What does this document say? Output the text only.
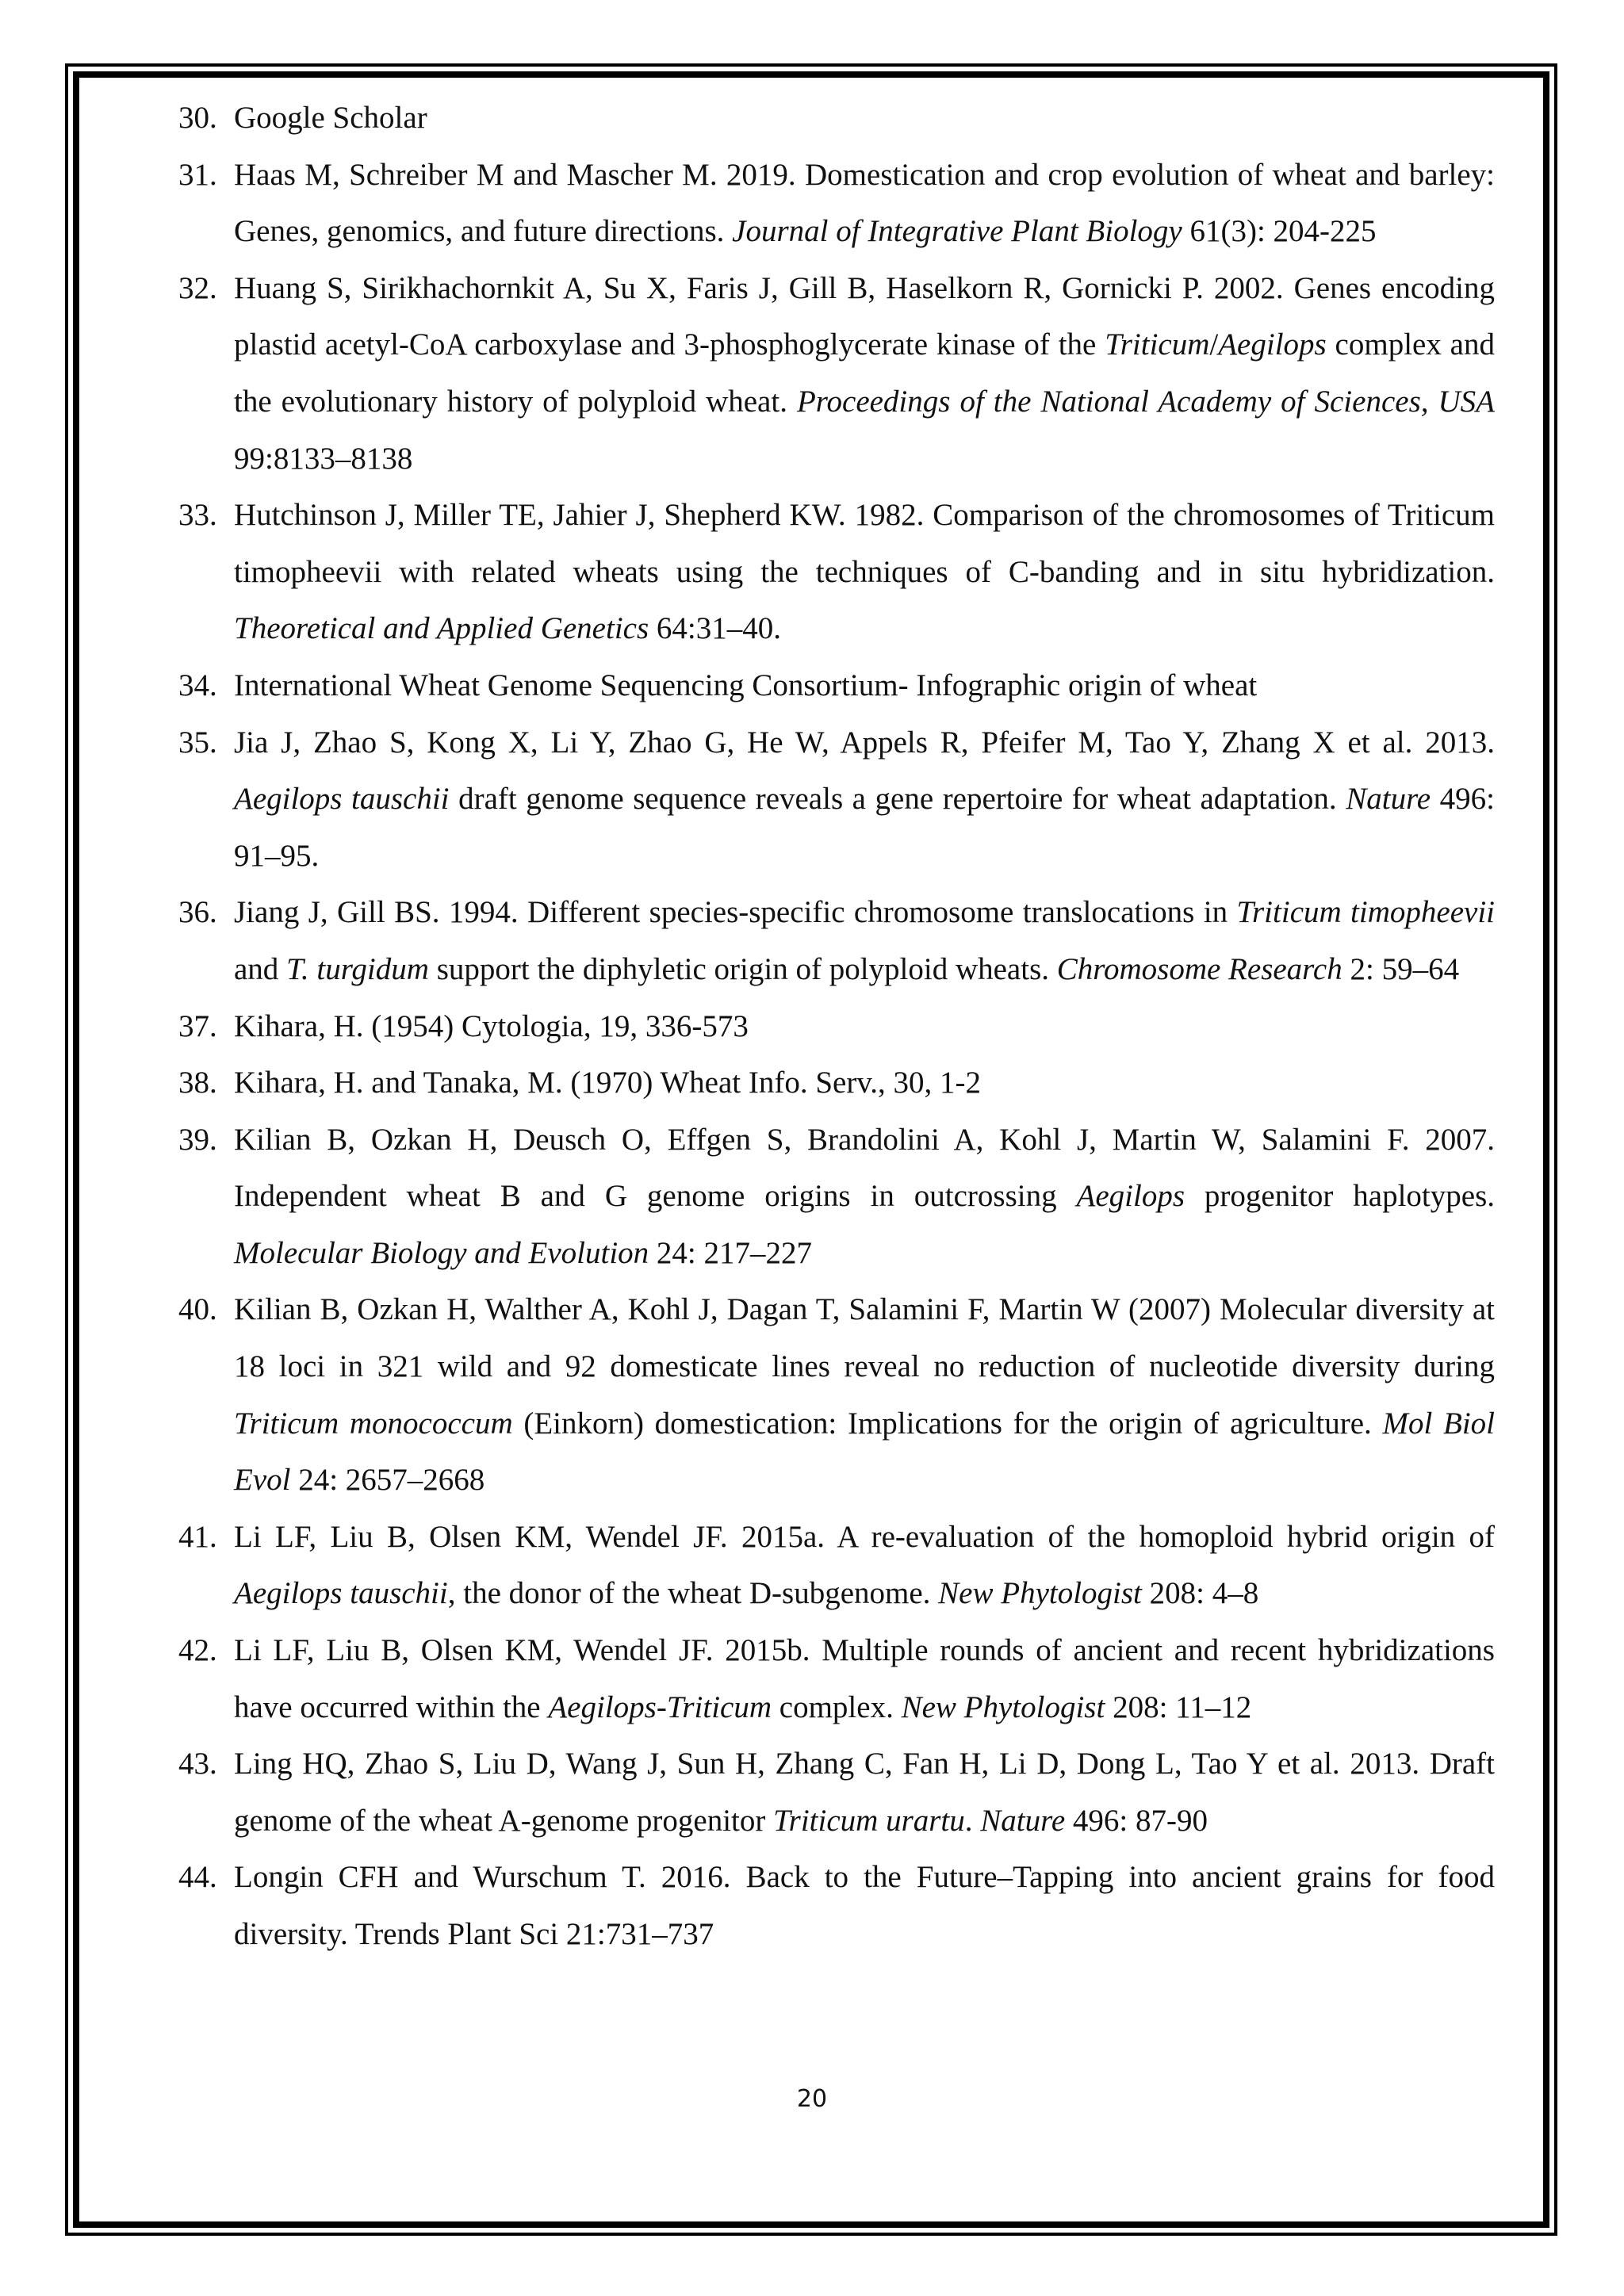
30. Google Scholar
31. Haas M, Schreiber M and Mascher M. 2019. Domestication and crop evolution of wheat and barley: Genes, genomics, and future directions. Journal of Integrative Plant Biology 61(3): 204-225
32. Huang S, Sirikhachornkit A, Su X, Faris J, Gill B, Haselkorn R, Gornicki P. 2002. Genes encoding plastid acetyl-CoA carboxylase and 3-phosphoglycerate kinase of the Triticum/Aegilops complex and the evolutionary history of polyploid wheat. Proceedings of the National Academy of Sciences, USA 99:8133–8138
33. Hutchinson J, Miller TE, Jahier J, Shepherd KW. 1982. Comparison of the chromosomes of Triticum timopheevii with related wheats using the techniques of C-banding and in situ hybridization. Theoretical and Applied Genetics 64:31–40.
34. International Wheat Genome Sequencing Consortium- Infographic origin of wheat
35. Jia J, Zhao S, Kong X, Li Y, Zhao G, He W, Appels R, Pfeifer M, Tao Y, Zhang X et al. 2013. Aegilops tauschii draft genome sequence reveals a gene repertoire for wheat adaptation. Nature 496: 91–95.
36. Jiang J, Gill BS. 1994. Different species-specific chromosome translocations in Triticum timopheevii and T. turgidum support the diphyletic origin of polyploid wheats. Chromosome Research 2: 59–64
37. Kihara, H. (1954) Cytologia, 19, 336-573
38. Kihara, H. and Tanaka, M. (1970) Wheat Info. Serv., 30, 1-2
39. Kilian B, Ozkan H, Deusch O, Effgen S, Brandolini A, Kohl J, Martin W, Salamini F. 2007. Independent wheat B and G genome origins in outcrossing Aegilops progenitor haplotypes. Molecular Biology and Evolution 24: 217–227
40. Kilian B, Ozkan H, Walther A, Kohl J, Dagan T, Salamini F, Martin W (2007) Molecular diversity at 18 loci in 321 wild and 92 domesticate lines reveal no reduction of nucleotide diversity during Triticum monococcum (Einkorn) domestication: Implications for the origin of agriculture. Mol Biol Evol 24: 2657–2668
41. Li LF, Liu B, Olsen KM, Wendel JF. 2015a. A re-evaluation of the homoploid hybrid origin of Aegilops tauschii, the donor of the wheat D-subgenome. New Phytologist 208: 4–8
42. Li LF, Liu B, Olsen KM, Wendel JF. 2015b. Multiple rounds of ancient and recent hybridizations have occurred within the Aegilops-Triticum complex. New Phytologist 208: 11–12
43. Ling HQ, Zhao S, Liu D, Wang J, Sun H, Zhang C, Fan H, Li D, Dong L, Tao Y et al. 2013. Draft genome of the wheat A-genome progenitor Triticum urartu. Nature 496: 87-90
44. Longin CFH and Wurschum T. 2016. Back to the Future–Tapping into ancient grains for food diversity. Trends Plant Sci 21:731–737
20
